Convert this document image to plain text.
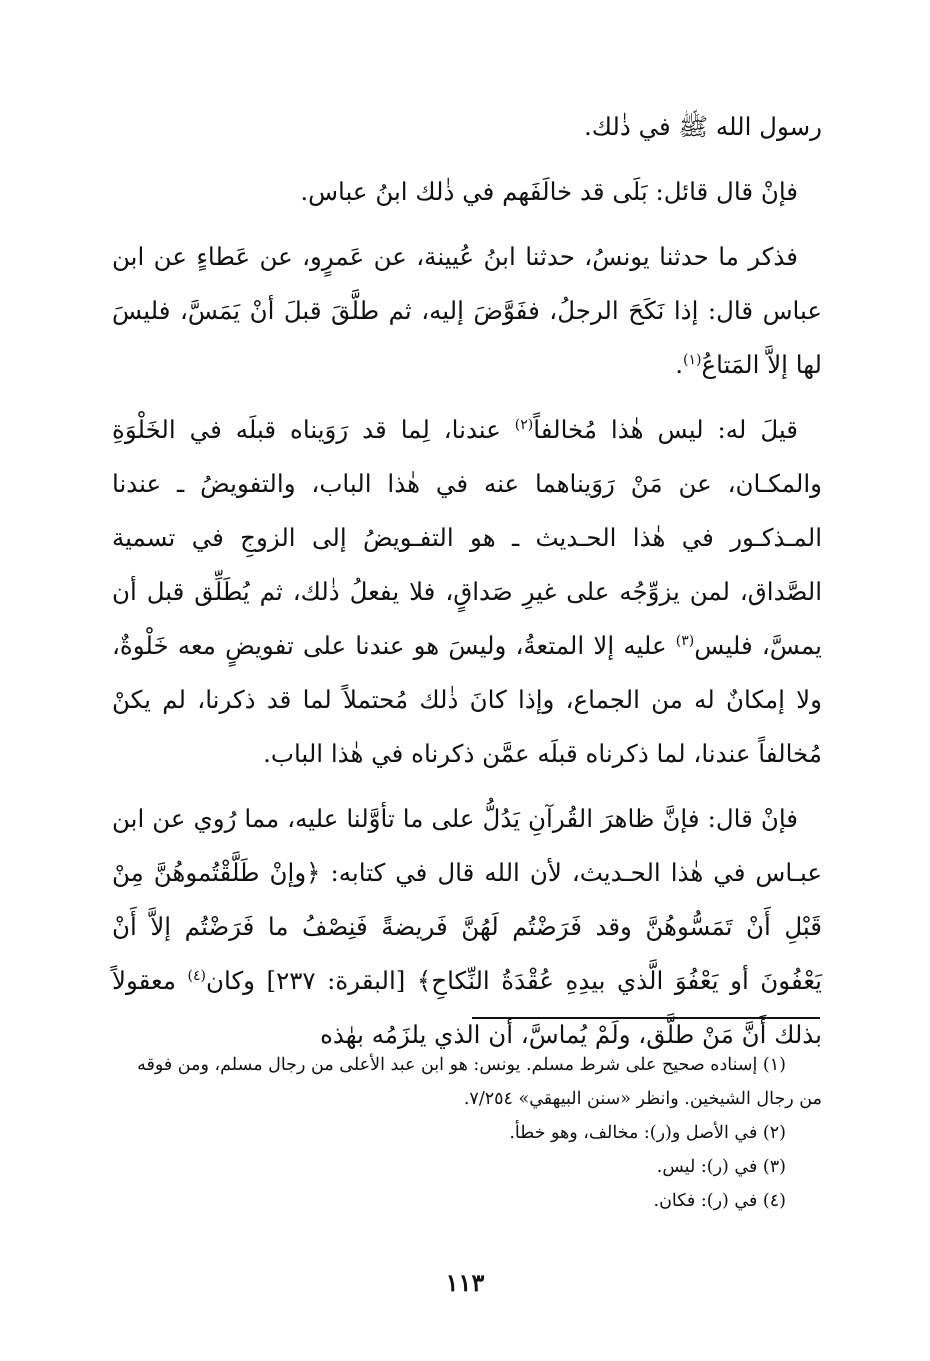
رسول الله ﷺ في ذٰلك.

فإنْ قال قائل: بَلَى قد خالَفَهم في ذٰلك ابنُ عباس.

فذكر ما حدثنا يونسُ، حدثنا ابنُ عُيينة، عن عَمرٍو، عن عَطاءٍ عن ابن عباس قال: إذا نَكَحَ الرجلُ، ففَوَّضَ إليه، ثم طلَّقَ قبلَ أنْ يَمَسَّ، فليسَ لها إلاَّ المَتاعُ$^{(١)}$.

قيلَ له: ليس هٰذا مُخالفاً$^{(٢)}$ عندنا، لِما قد رَوَيناه قبلَه في الخَلْوَةِ والمكـان، عن مَنْ رَوَيناهما عنه في هٰذا الباب، والتفويضُ ـ عندنا المـذكـور في هٰذا الحـديث ـ هو التفـويضُ إلى الزوجِ في تسمية الصَّداق، لمن يزوِّجُه على غيرِ صَداقٍ، فلا يفعلُ ذٰلك، ثم يُطَلِّق قبل أن يمسَّ، فليس$^{(٣)}$ عليه إلا المتعةُ، وليسَ هو عندنا على تفويضٍ معه خَلْوةٌ، ولا إمكانٌ له من الجماع، وإذا كانَ ذٰلك مُحتملاً لما قد ذكرنا، لم يكنْ مُخالفاً عندنا، لما ذكرناه قبلَه عمَّن ذكرناه في هٰذا الباب.

فإنْ قال: فإنَّ ظاهرَ القُرآنِ يَدُلُّ على ما تأوَّلنا عليه، مما رُوي عن ابن عبـاس في هٰذا الحـديث، لأن الله قال في كتابه: ﴿وإنْ طَلَّقْتُموهُنَّ مِنْ قَبْلِ أَنْ تَمَسُّوهُنَّ وقد فَرَضْتُم لَهُنَّ فَريضةً فَنِصْفُ ما فَرَضْتُم إلاَّ أَنْ يَعْفُونَ أو يَعْفُوَ الَّذي بيدِهِ عُقْدَةُ النِّكاحِ﴾ [البقرة: ٢٣٧] وكان$^{(٤)}$ معقولاً بذلك أَنَّ مَنْ طلَّق، ولَمْ يُماسَّ، أن الذي يلزَمُه بهٰذه

(١) إسناده صحيح على شرط مسلم. يونس: هو ابن عبد الأعلى من رجال مسلم، ومن فوقه من رجال الشيخين. وانظر «سنن البيهقي» ٧/٢٥٤.

(٢) في الأصل و(ر): مخالف، وهو خطأ.

(٣) في (ر): ليس.

(٤) في (ر): فكان.

١١٣
